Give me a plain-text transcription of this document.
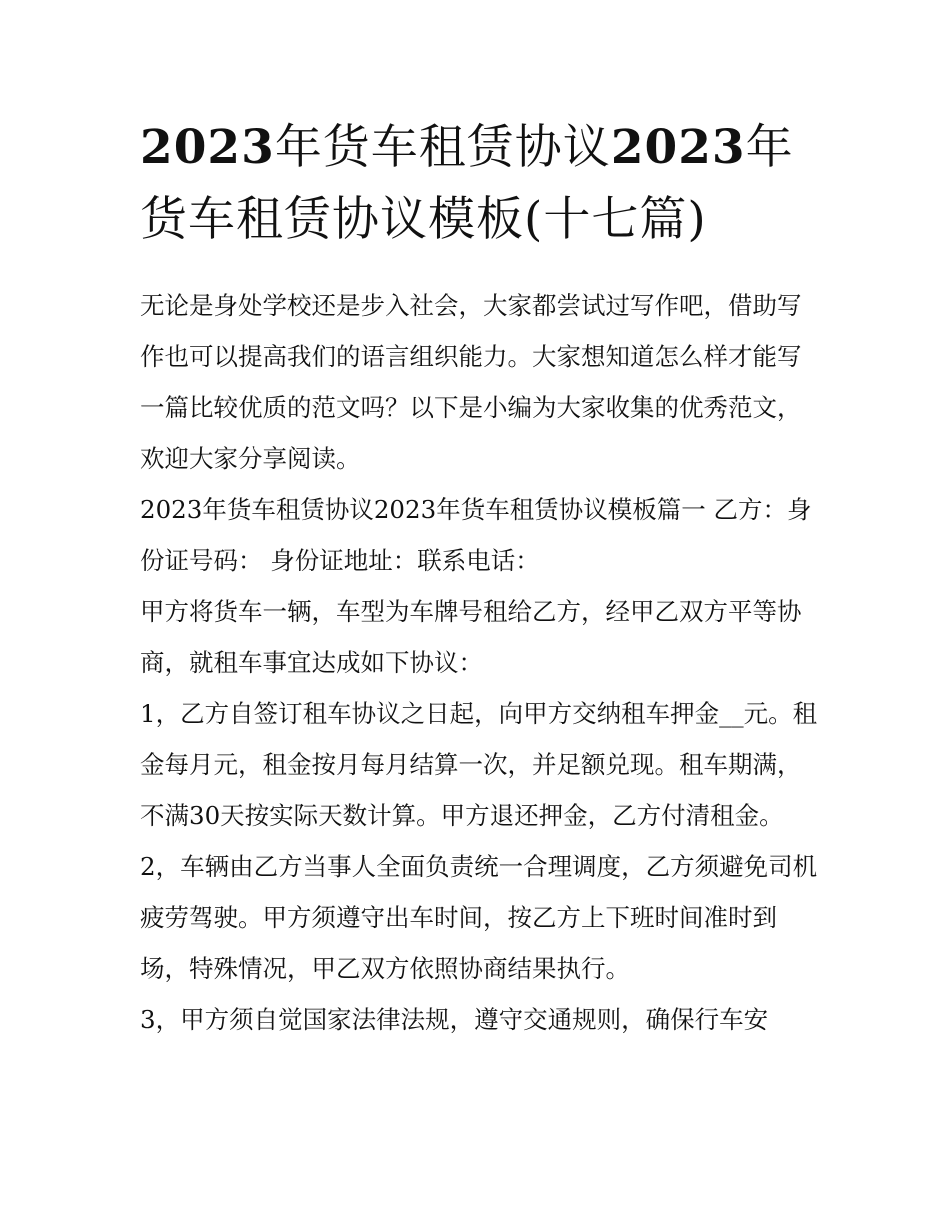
2023年货车租赁协议2023年货车租赁协议模板(十七篇)

无论是身处学校还是步入社会，大家都尝试过写作吧，借助写作也可以提高我们的语言组织能力。大家想知道怎么样才能写一篇比较优质的范文吗？以下是小编为大家收集的优秀范文，欢迎大家分享阅读。

2023年货车租赁协议2023年货车租赁协议模板篇一 乙方：身份证号码： 身份证地址：联系电话：

甲方将货车一辆，车型为车牌号租给乙方，经甲乙双方平等协商，就租车事宜达成如下协议：

1，乙方自签订租车协议之日起，向甲方交纳租车押金__元。租金每月元，租金按月每月结算一次，并足额兑现。租车期满，不满30天按实际天数计算。甲方退还押金，乙方付清租金。

2，车辆由乙方当事人全面负责统一合理调度，乙方须避免司机疲劳驾驶。甲方须遵守出车时间，按乙方上下班时间准时到场，特殊情况，甲乙双方依照协商结果执行。

3，甲方须自觉国家法律法规，遵守交通规则，确保行车安
